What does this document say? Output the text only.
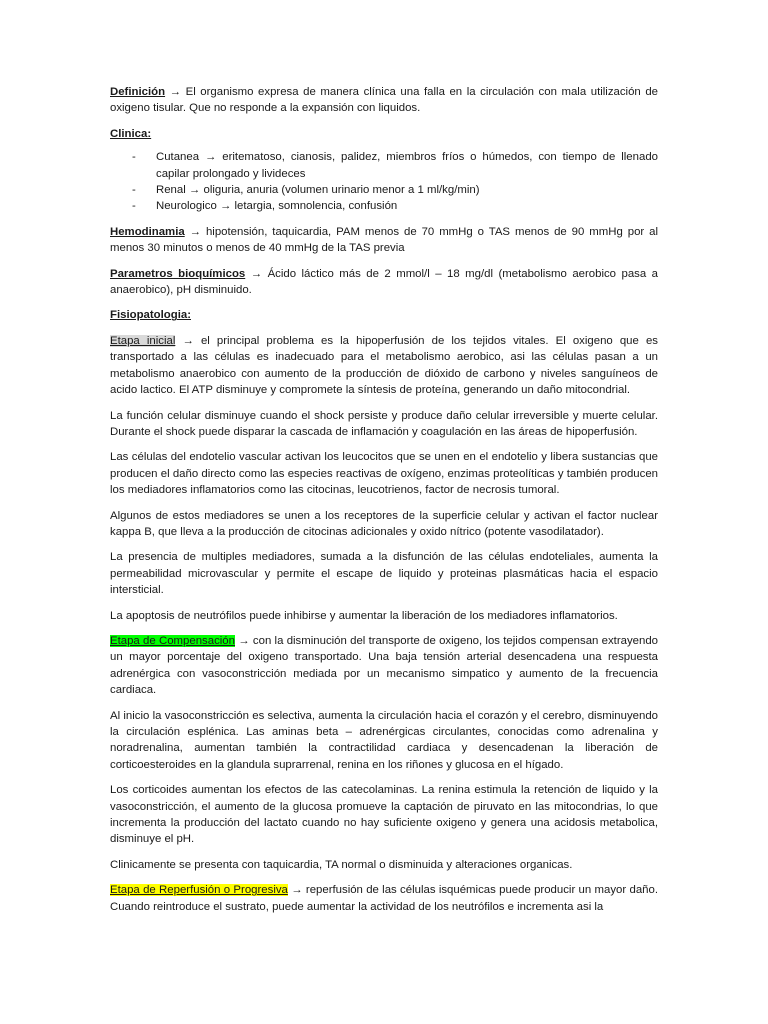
Definición → El organismo expresa de manera clínica una falla en la circulación con mala utilización de oxigeno tisular. Que no responde a la expansión con liquidos.

Clinica:

- Cutanea → eritematoso, cianosis, palidez, miembros fríos o húmedos, con tiempo de llenado capilar prolongado y livideces
- Renal → oliguria, anuria (volumen urinario menor a 1 ml/kg/min)
- Neurologico → letargia, somnolencia, confusión

Hemodinamia → hipotensión, taquicardia, PAM menos de 70 mmHg o TAS menos de 90 mmHg por al menos 30 minutos o menos de 40 mmHg de la TAS previa

Parametros bioquímicos → Ácido láctico más de 2 mmol/l – 18 mg/dl (metabolismo aerobico pasa a anaerobico), pH disminuido.

Fisiopatologia:

Etapa inicial → el principal problema es la hipoperfusión de los tejidos vitales. El oxigeno que es transportado a las células es inadecuado para el metabolismo aerobico, asi las células pasan a un metabolismo anaerobico con aumento de la producción de dióxido de carbono y niveles sanguíneos de acido lactico. El ATP disminuye y compromete la síntesis de proteína, generando un daño mitocondrial.

La función celular disminuye cuando el shock persiste y produce daño celular irreversible y muerte celular. Durante el shock puede disparar la cascada de inflamación y coagulación en las áreas de hipoperfusión.

Las células del endotelio vascular activan los leucocitos que se unen en el endotelio y libera sustancias que producen el daño directo como las especies reactivas de oxígeno, enzimas proteolíticas y también producen los mediadores inflamatorios como las citocinas, leucotrienos, factor de necrosis tumoral.

Algunos de estos mediadores se unen a los receptores de la superficie celular y activan el factor nuclear kappa B, que lleva a la producción de citocinas adicionales y oxido nítrico (potente vasodilatador).

La presencia de multiples mediadores, sumada a la disfunción de las células endoteliales, aumenta la permeabilidad microvascular y permite el escape de liquido y proteinas plasmáticas hacia el espacio intersticial.

La apoptosis de neutrófilos puede inhibirse y aumentar la liberación de los mediadores inflamatorios.

Etapa de Compensación → con la disminución del transporte de oxigeno, los tejidos compensan extrayendo un mayor porcentaje del oxigeno transportado. Una baja tensión arterial desencadena una respuesta adrenérgica con vasoconstricción mediada por un mecanismo simpatico y aumento de la frecuencia cardiaca.

Al inicio la vasoconstricción es selectiva, aumenta la circulación hacia el corazón y el cerebro, disminuyendo la circulación esplénica. Las aminas beta – adrenérgicas circulantes, conocidas como adrenalina y noradrenalina, aumentan también la contractilidad cardiaca y desencadenan la liberación de corticoesteroides en la glandula suprarrenal, renina en los riñones y glucosa en el hígado.

Los corticoides aumentan los efectos de las catecolaminas. La renina estimula la retención de liquido y la vasoconstricción, el aumento de la glucosa promueve la captación de piruvato en las mitocondrias, lo que incrementa la producción del lactato cuando no hay suficiente oxigeno y genera una acidosis metabolica, disminuye el pH.

Clinicamente se presenta con taquicardia, TA normal o disminuida y alteraciones organicas.

Etapa de Reperfusión o Progresiva → reperfusión de las células isquémicas puede producir un mayor daño. Cuando reintroduce el sustrato, puede aumentar la actividad de los neutrófilos e incrementa asi la
